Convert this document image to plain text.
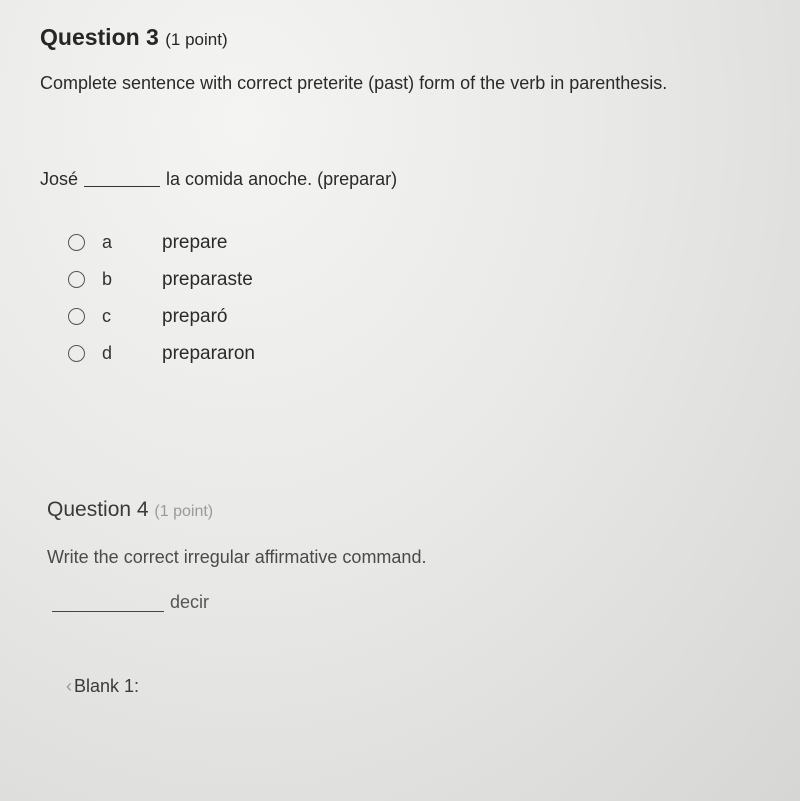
Question 3 (1 point)
Complete sentence with correct preterite (past) form of the verb in parenthesis.
José	la comida anoche. (preparar)
a	prepare
b	preparaste
c	preparó
d	prepararon
Question 4 (1 point)
Write the correct irregular affirmative command.
decir
‹ Blank 1:
